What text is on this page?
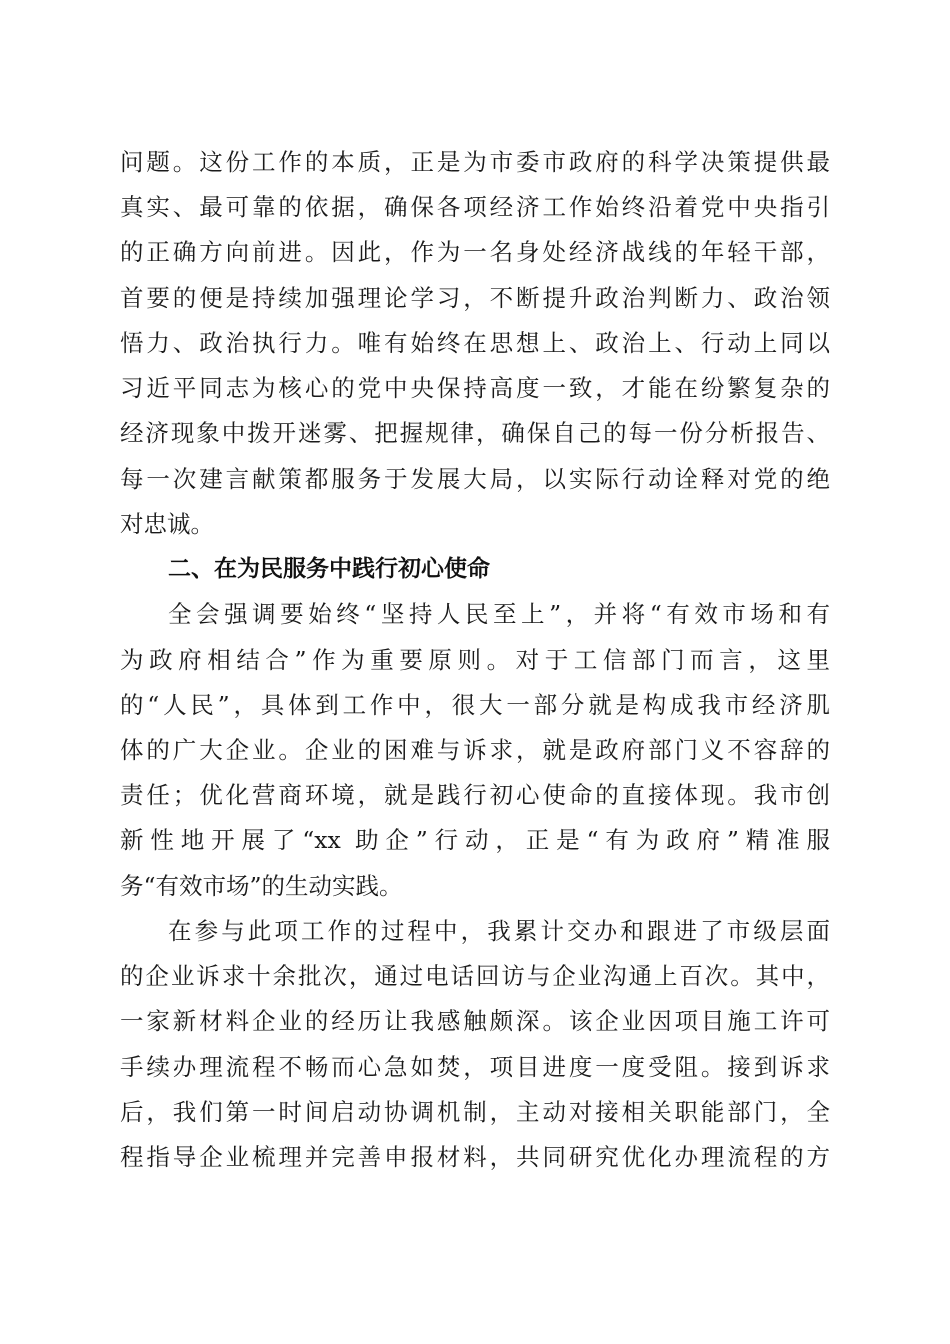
问题。这份工作的本质，正是为市委市政府的科学决策提供最
真实、最可靠的依据，确保各项经济工作始终沿着党中央指引
的正确方向前进。因此，作为一名身处经济战线的年轻干部，
首要的便是持续加强理论学习，不断提升政治判断力、政治领
悟力、政治执行力。唯有始终在思想上、政治上、行动上同以
习近平同志为核心的党中央保持高度一致，才能在纷繁复杂的
经济现象中拨开迷雾、把握规律，确保自己的每一份分析报告、
每一次建言献策都服务于发展大局，以实际行动诠释对党的绝
对忠诚。
二、在为民服务中践行初心使命
全会强调要始终“坚持人民至上”，并将“有效市场和有
为政府相结合”作为重要原则。对于工信部门而言，这里
的“人民”，具体到工作中，很大一部分就是构成我市经济肌
体的广大企业。企业的困难与诉求，就是政府部门义不容辞的
责任；优化营商环境，就是践行初心使命的直接体现。我市创
新性地开展了“xx 助企”行动，正是“有为政府”精准服
务“有效市场”的生动实践。
在参与此项工作的过程中，我累计交办和跟进了市级层面
的企业诉求十余批次，通过电话回访与企业沟通上百次。其中，
一家新材料企业的经历让我感触颇深。该企业因项目施工许可
手续办理流程不畅而心急如焚，项目进度一度受阻。接到诉求
后，我们第一时间启动协调机制，主动对接相关职能部门，全
程指导企业梳理并完善申报材料，共同研究优化办理流程的方
